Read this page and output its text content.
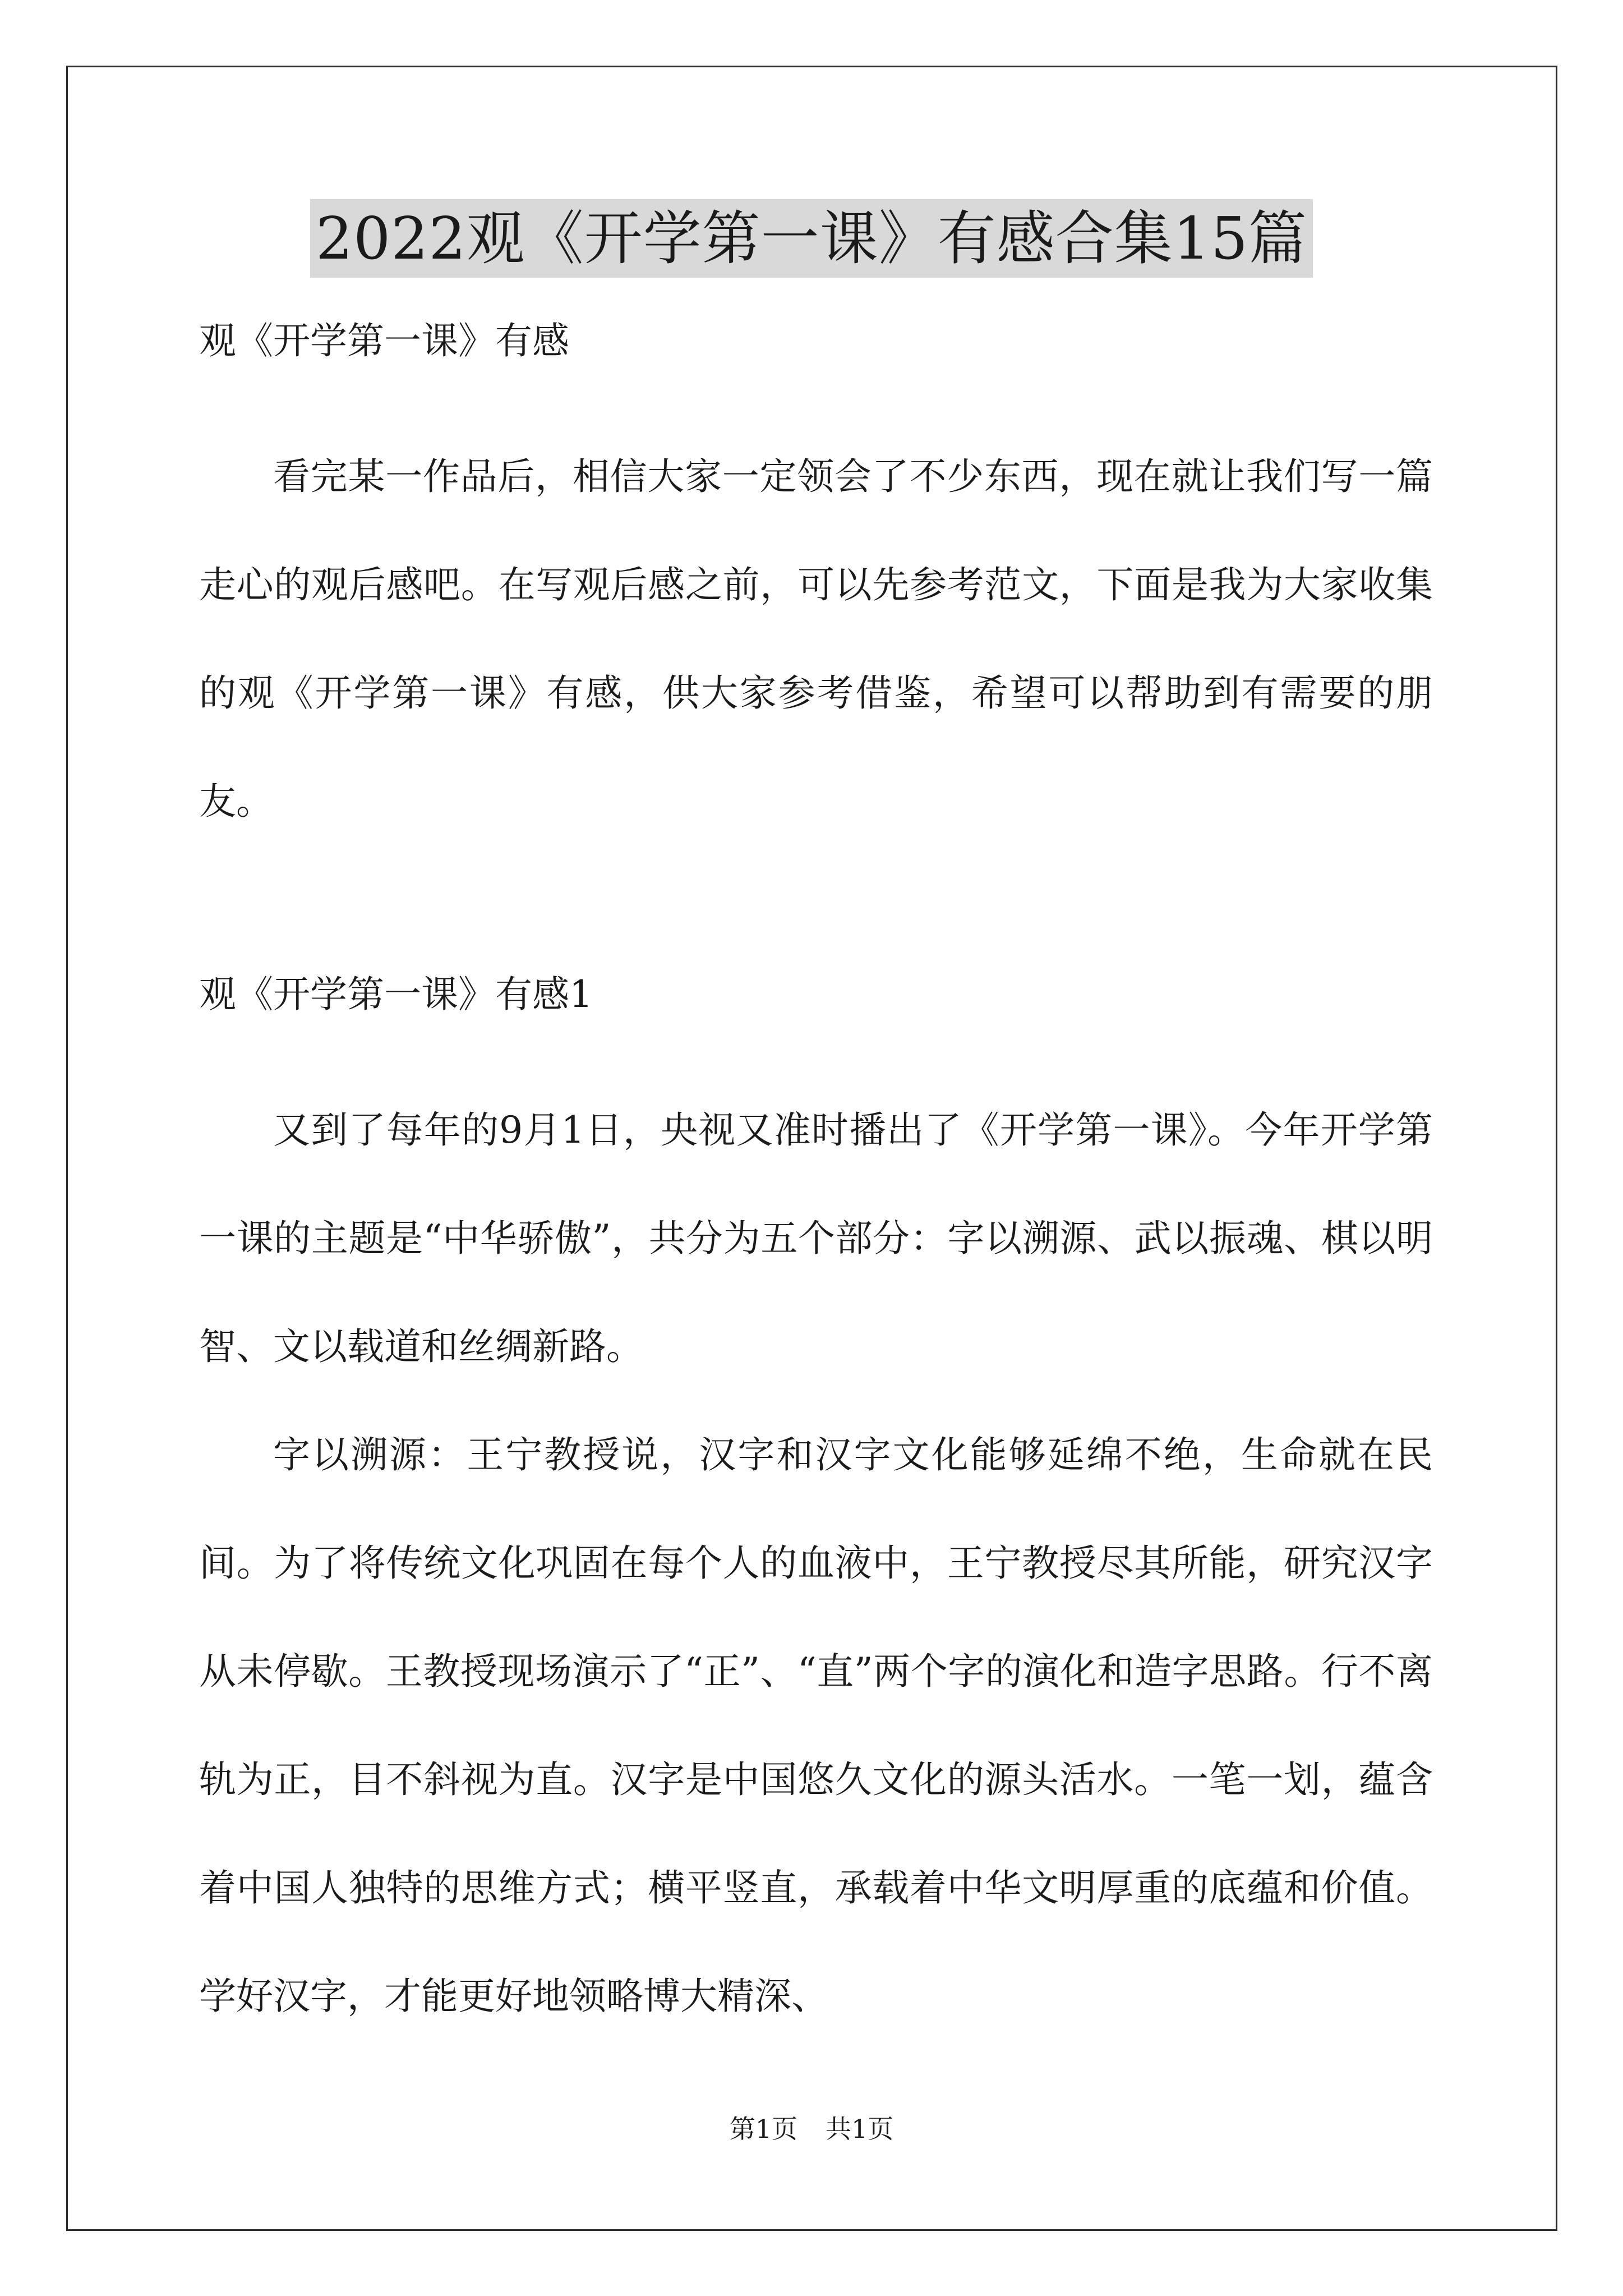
2022观《开学第一课》有感合集15篇

观《开学第一课》有感

看完某一作品后，相信大家一定领会了不少东西，现在就让我们写一篇走心的观后感吧。在写观后感之前，可以先参考范文，下面是我为大家收集的观《开学第一课》有感，供大家参考借鉴，希望可以帮助到有需要的朋友。

观《开学第一课》有感1

又到了每年的9月1日，央视又准时播出了《开学第一课》。今年开学第一课的主题是“中华骄傲”，共分为五个部分：字以溯源、武以振魂、棋以明智、文以载道和丝绸新路。

字以溯源：王宁教授说，汉字和汉字文化能够延绵不绝，生命就在民间。为了将传统文化巩固在每个人的血液中，王宁教授尽其所能，研究汉字从未停歇。王教授现场演示了“正”、“直”两个字的演化和造字思路。行不离轨为正，目不斜视为直。汉字是中国悠久文化的源头活水。一笔一划，蕴含着中国人独特的思维方式；横平竖直，承载着中华文明厚重的底蕴和价值。学好汉字，才能更好地领略博大精深、

第1页 共1页
